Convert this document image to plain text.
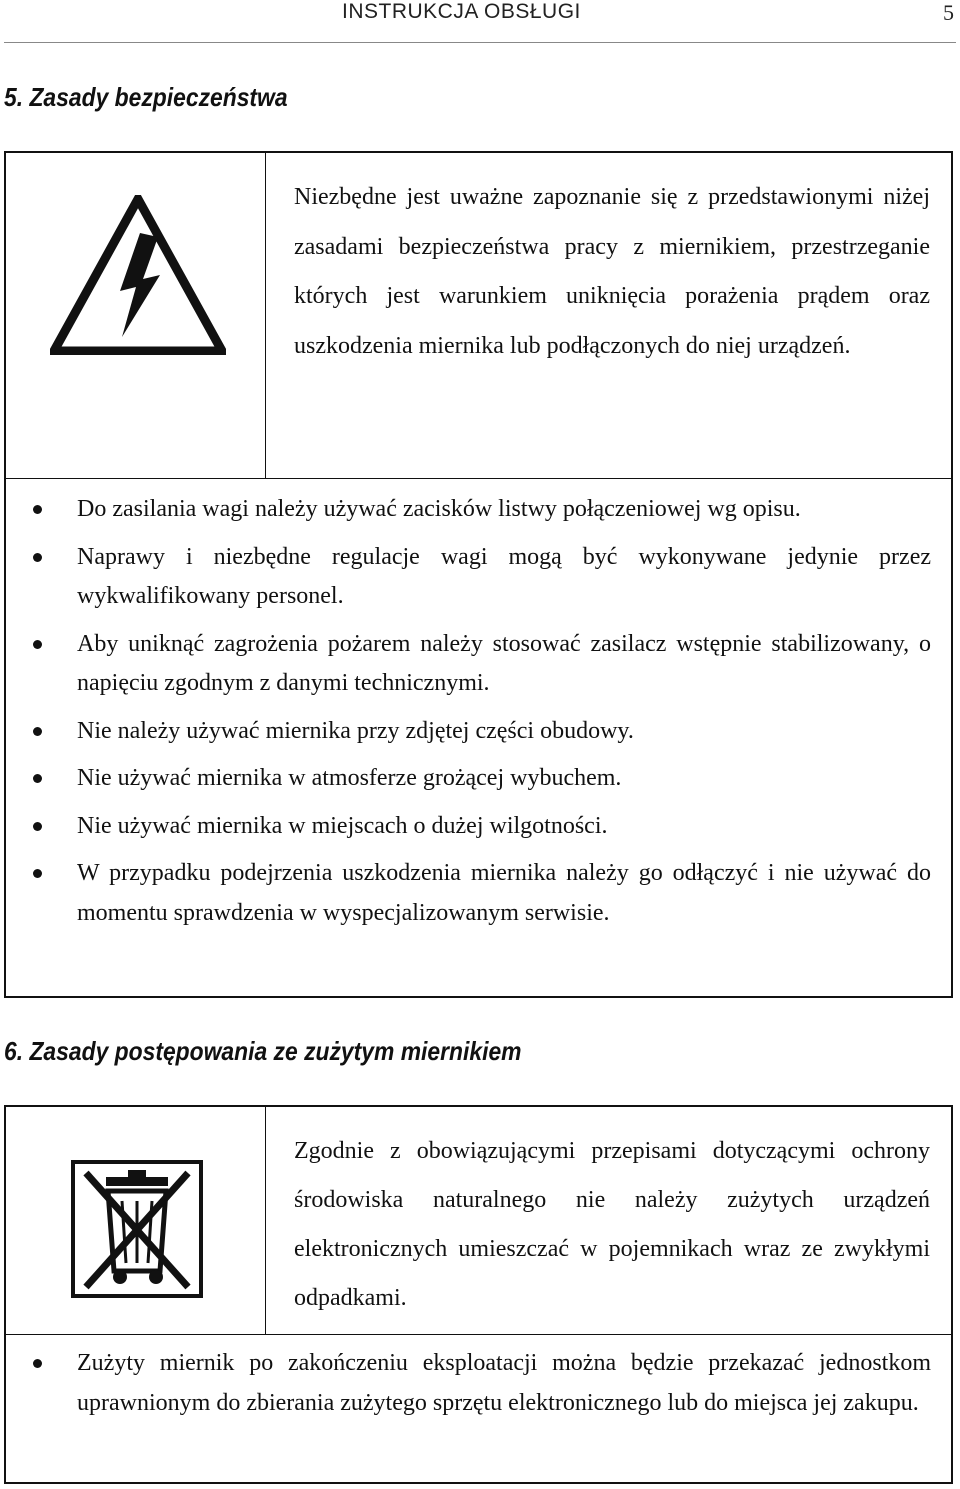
INSTRUKCJA OBSŁUGI	5
5. Zasady bezpieczeństwa
Niezbędne jest uważne zapoznanie się z przedstawionymi niżej zasadami bezpieczeństwa pracy z miernikiem, przestrzeganie których jest warunkiem uniknięcia porażenia prądem oraz uszkodzenia miernika lub podłączonych do niej urządzeń.
Do zasilania wagi należy używać zacisków listwy połączeniowej wg opisu.
Naprawy i niezbędne regulacje wagi mogą być wykonywane jedynie przez wykwalifikowany personel.
Aby uniknąć zagrożenia pożarem należy stosować zasilacz wstępnie stabilizowany, o napięciu zgodnym z danymi technicznymi.
Nie należy używać miernika przy zdjętej części obudowy.
Nie używać miernika w atmosferze grożącej wybuchem.
Nie używać miernika w miejscach o dużej wilgotności.
W przypadku podejrzenia uszkodzenia miernika należy go odłączyć i nie używać do momentu sprawdzenia w wyspecjalizowanym serwisie.
6. Zasady postępowania ze zużytym miernikiem
Zgodnie z obowiązującymi przepisami dotyczącymi ochrony środowiska naturalnego nie należy zużytych urządzeń elektronicznych umieszczać w pojemnikach wraz ze zwykłymi odpadkami.
Zużyty miernik po zakończeniu eksploatacji można będzie przekazać jednostkom uprawnionym do zbierania zużytego sprzętu elektronicznego lub do miejsca jej zakupu.
